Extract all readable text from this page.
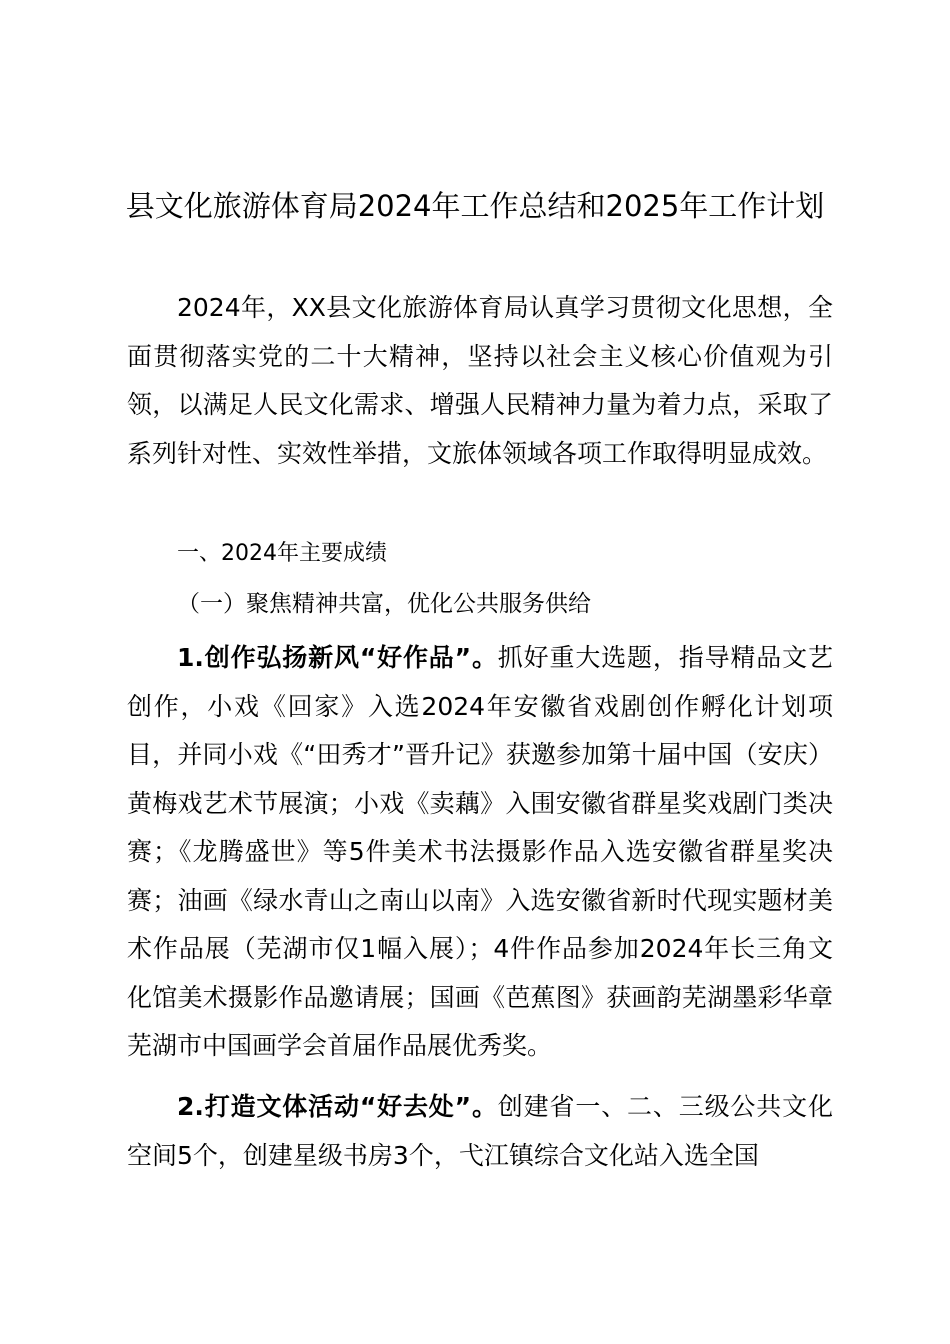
县文化旅游体育局2024年工作总结和2025年工作计划

2024年，XX县文化旅游体育局认真学习贯彻文化思想，全面贯彻落实党的二十大精神，坚持以社会主义核心价值观为引领，以满足人民文化需求、增强人民精神力量为着力点，采取了系列针对性、实效性举措，文旅体领域各项工作取得明显成效。

一、2024年主要成绩

（一）聚焦精神共富，优化公共服务供给

1.创作弘扬新风“好作品”。抓好重大选题，指导精品文艺创作，小戏《回家》入选2024年安徽省戏剧创作孵化计划项目，并同小戏《“田秀才”晋升记》获邀参加第十届中国（安庆）黄梅戏艺术节展演；小戏《卖藕》入围安徽省群星奖戏剧门类决赛；《龙腾盛世》等5件美术书法摄影作品入选安徽省群星奖决赛；油画《绿水青山之南山以南》入选安徽省新时代现实题材美术作品展（芜湖市仅1幅入展）；4件作品参加2024年长三角文化馆美术摄影作品邀请展；国画《芭蕉图》获画韵芜湖墨彩华章芜湖市中国画学会首届作品展优秀奖。

2.打造文体活动“好去处”。创建省一、二、三级公共文化空间5个，创建星级书房3个，弋江镇综合文化站入选全国
